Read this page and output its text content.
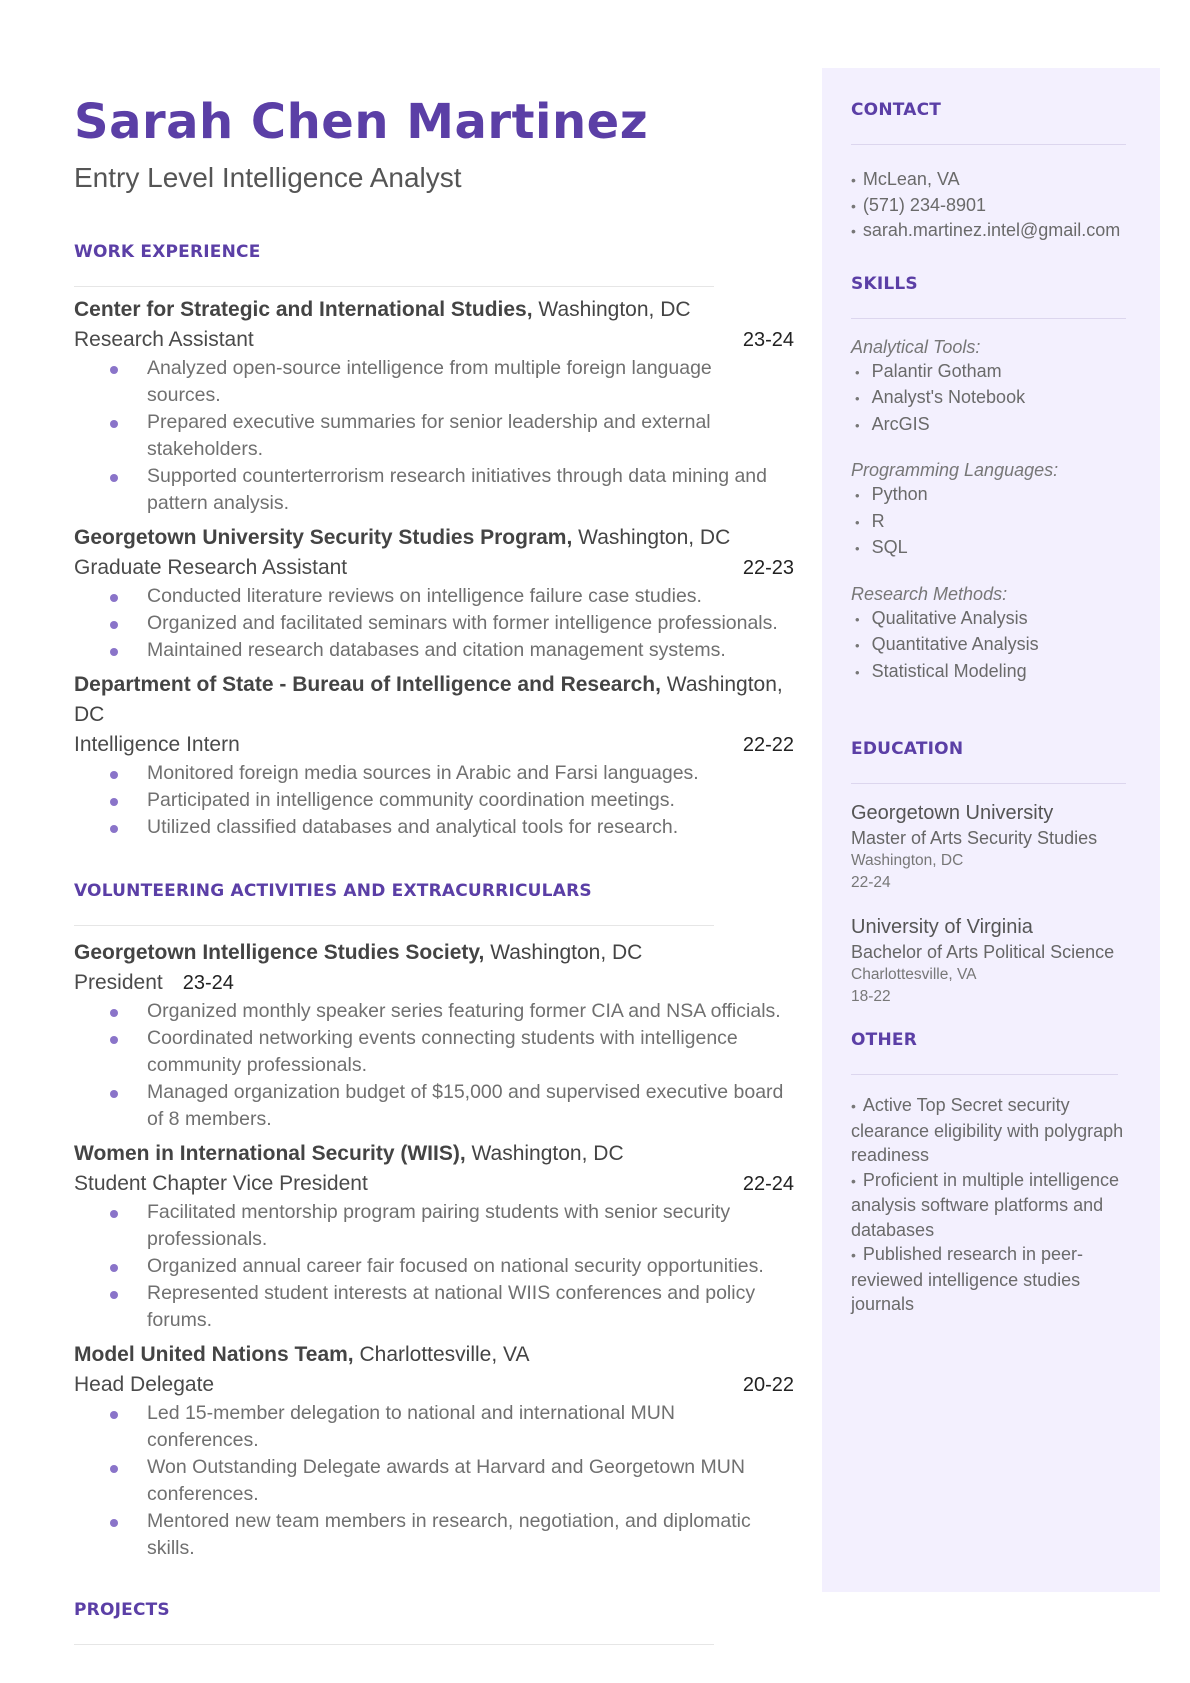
Sarah Chen Martinez
Entry Level Intelligence Analyst
WORK EXPERIENCE
Center for Strategic and International Studies, Washington, DC
Research Assistant	23-24
Analyzed open-source intelligence from multiple foreign language sources.
Prepared executive summaries for senior leadership and external stakeholders.
Supported counterterrorism research initiatives through data mining and pattern analysis.
Georgetown University Security Studies Program, Washington, DC
Graduate Research Assistant	22-23
Conducted literature reviews on intelligence failure case studies.
Organized and facilitated seminars with former intelligence professionals.
Maintained research databases and citation management systems.
Department of State - Bureau of Intelligence and Research, Washington, DC
Intelligence Intern	22-22
Monitored foreign media sources in Arabic and Farsi languages.
Participated in intelligence community coordination meetings.
Utilized classified databases and analytical tools for research.
VOLUNTEERING ACTIVITIES AND EXTRACURRICULARS
Georgetown Intelligence Studies Society, Washington, DC
President 23-24
Organized monthly speaker series featuring former CIA and NSA officials.
Coordinated networking events connecting students with intelligence community professionals.
Managed organization budget of $15,000 and supervised executive board of 8 members.
Women in International Security (WIIS), Washington, DC
Student Chapter Vice President	22-24
Facilitated mentorship program pairing students with senior security professionals.
Organized annual career fair focused on national security opportunities.
Represented student interests at national WIIS conferences and policy forums.
Model United Nations Team, Charlottesville, VA
Head Delegate	20-22
Led 15-member delegation to national and international MUN conferences.
Won Outstanding Delegate awards at Harvard and Georgetown MUN conferences.
Mentored new team members in research, negotiation, and diplomatic skills.
PROJECTS
CONTACT
• McLean, VA
• (571) 234-8901
• sarah.martinez.intel@gmail.com
SKILLS
Analytical Tools:
• Palantir Gotham
• Analyst's Notebook
• ArcGIS
Programming Languages:
• Python
• R
• SQL
Research Methods:
• Qualitative Analysis
• Quantitative Analysis
• Statistical Modeling
EDUCATION
Georgetown University
Master of Arts Security Studies
Washington, DC
22-24
University of Virginia
Bachelor of Arts Political Science
Charlottesville, VA
18-22
OTHER
• Active Top Secret security clearance eligibility with polygraph readiness
• Proficient in multiple intelligence analysis software platforms and databases
• Published research in peer-reviewed intelligence studies journals
